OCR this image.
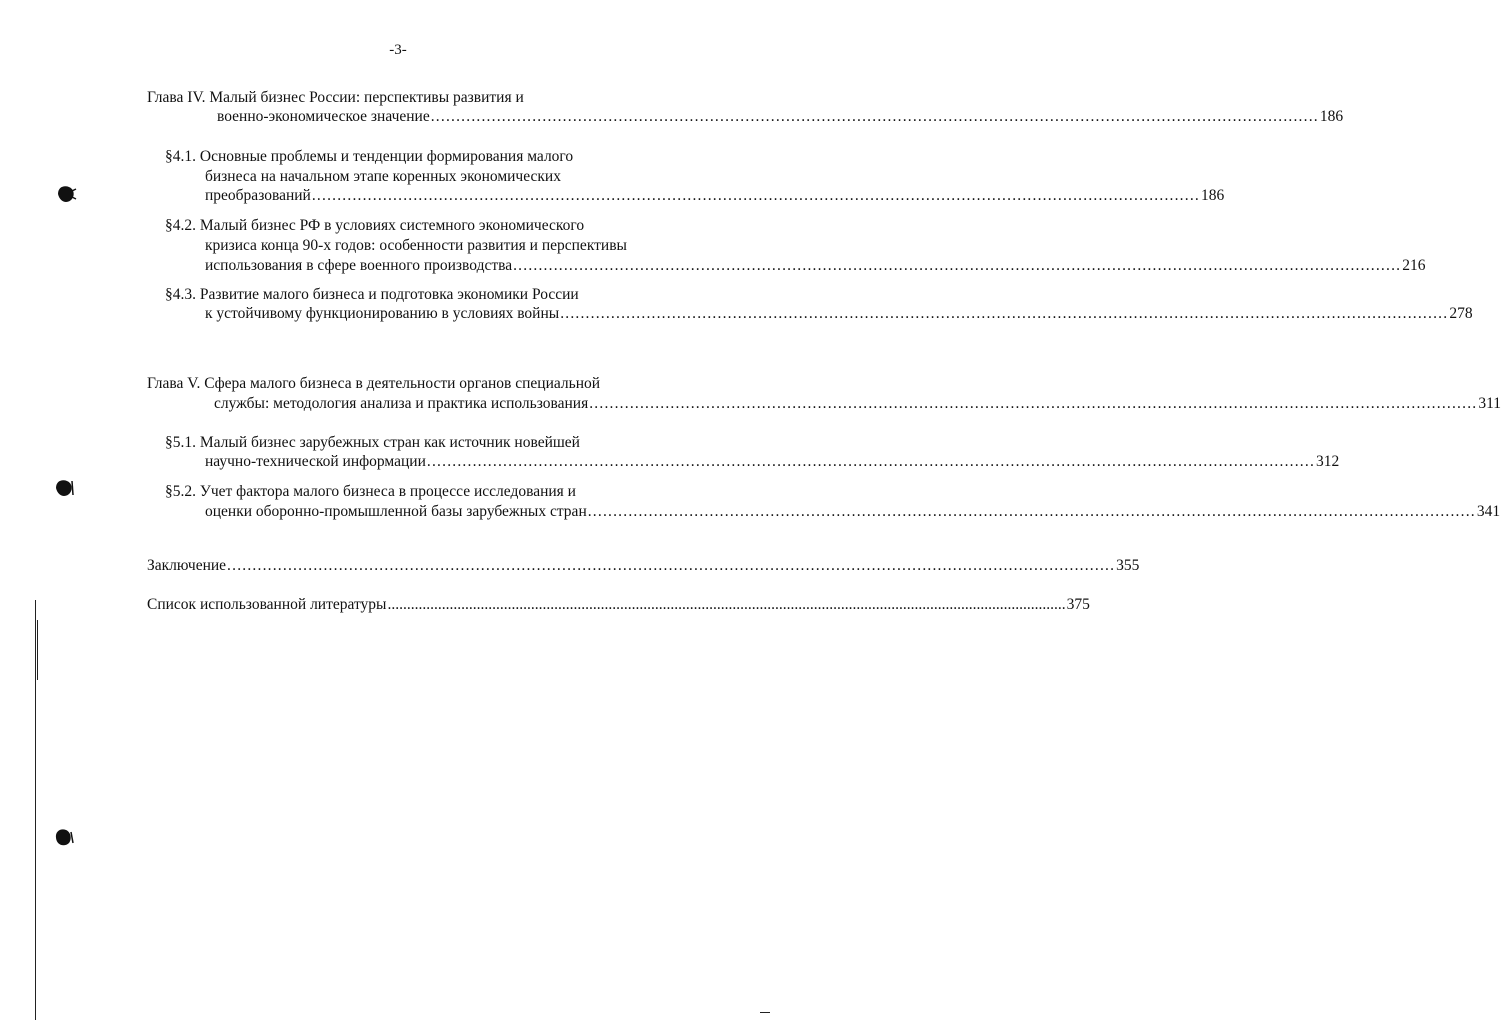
-3-
Глава IV. Малый бизнес России: перспективы развития и
военно-экономическое значение ............................................................................................................................................................................... 186
§4.1. Основные проблемы и тенденции формирования малого
бизнеса на начальном этапе коренных экономических
преобразований ............................................................................................................................................................................... 186
§4.2. Малый бизнес РФ в условиях системного экономического
кризиса конца 90-х годов: особенности развития и перспективы
использования в сфере военного производства ............................................................................................................................................................................... 216
§4.3. Развитие малого бизнеса и подготовка экономики России
к устойчивому функционированию в условиях войны ............................................................................................................................................................................... 278
Глава V. Сфера малого бизнеса в деятельности органов специальной
службы: методология анализа и практика использования ............................................................................................................................................................................... 311
§5.1. Малый бизнес зарубежных стран как источник новейшей
научно-технической информации ............................................................................................................................................................................... 312
§5.2. Учет фактора малого бизнеса в процессе исследования и
оценки оборонно-промышленной базы зарубежных стран ............................................................................................................................................................................... 341
Заключение ............................................................................................................................................................................... 355
Список использованной литературы ............................................................................................................................................................................... 375
